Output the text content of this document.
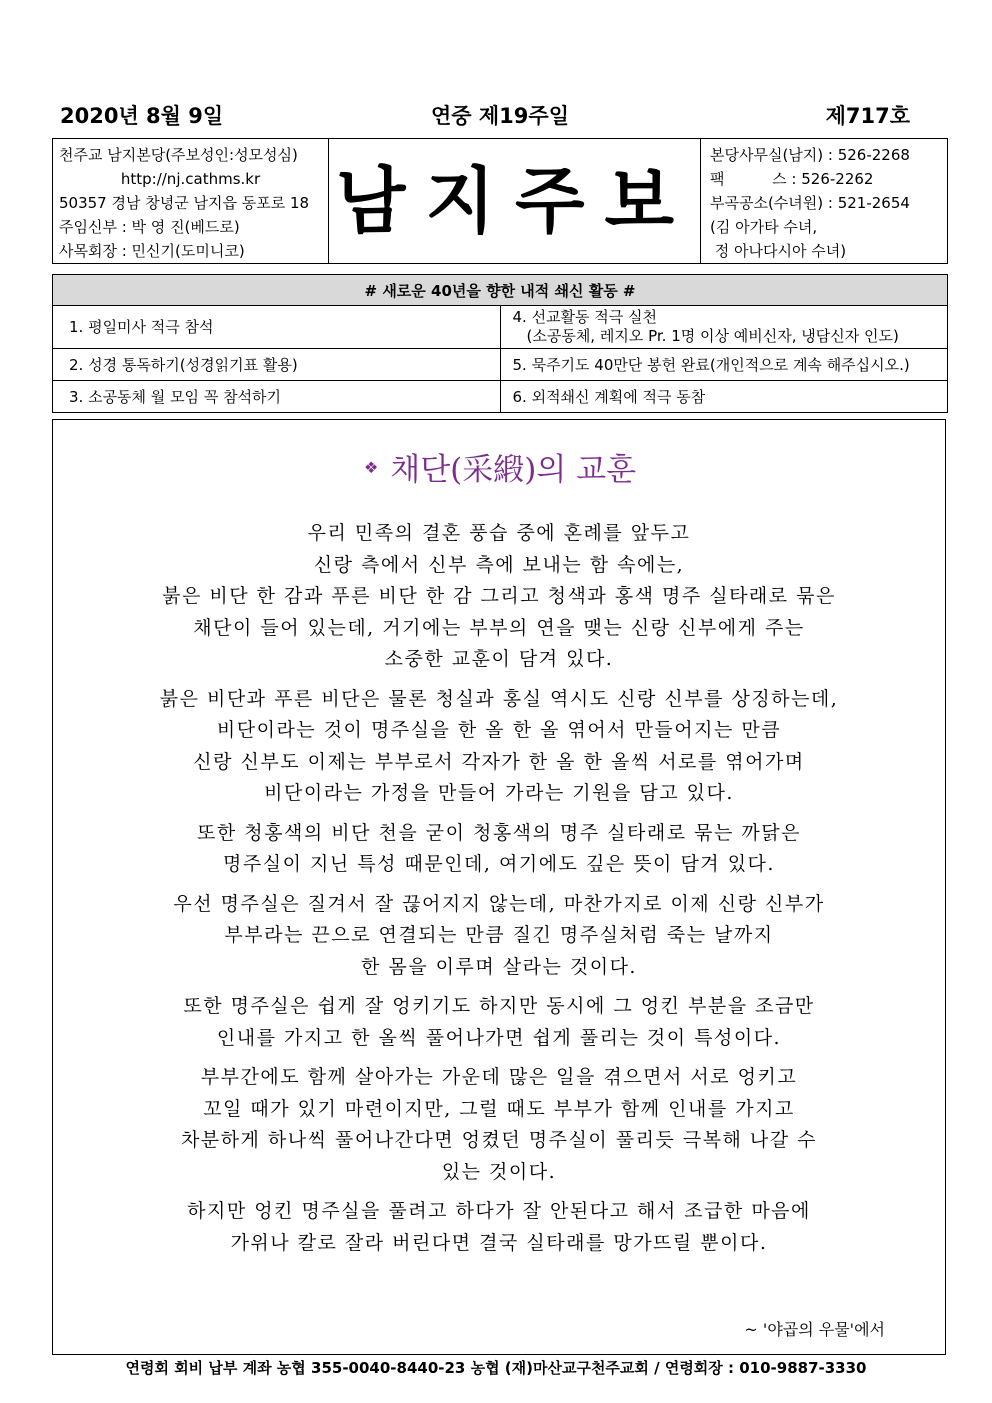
2020년 8월 9일	연중 제19주일	제717호
천주교 남지본당(주보성인:성모성심)
http://nj.cathms.kr
50357 경남 창녕군 남지읍 동포로 18
주임신부 : 박 영 진(베드로)
사목회장 : 민신기(도미니코)
남지주보
본당사무실(남지) : 526-2268
팩          스 : 526-2262
부곡공소(수녀원) : 521-2654
(김 아가타 수녀,
정 아나다시아 수녀)
# 새로운 40년을 향한 내적 쇄신 활동 #	
1. 평일미사 적극 참석	4. 선교활동 적극 실천
(소공동체, 레지오 Pr. 1명 이상 예비신자, 냉담신자 인도)

2. 성경 통독하기(성경읽기표 활용)	5. 묵주기도 40만단 봉헌 완료(개인적으로 계속 해주십시오.)
3. 소공동체 월 모임 꼭 참석하기	6. 외적쇄신 계획에 적극 동참
❖ 채단(采緞)의 교훈
우리 민족의 결혼 풍습 중에 혼례를 앞두고
신랑 측에서 신부 측에 보내는 함 속에는,
붉은 비단 한 감과 푸른 비단 한 감 그리고 청색과 홍색 명주 실타래로 묶은
채단이 들어 있는데, 거기에는 부부의 연을 맺는 신랑 신부에게 주는
소중한 교훈이 담겨 있다.
붉은 비단과 푸른 비단은 물론 청실과 홍실 역시도 신랑 신부를 상징하는데,
비단이라는 것이 명주실을 한 올 한 올 엮어서 만들어지는 만큼
신랑 신부도 이제는 부부로서 각자가 한 올 한 올씩 서로를 엮어가며
비단이라는 가정을 만들어 가라는 기원을 담고 있다.
또한 청홍색의 비단 천을 굳이 청홍색의 명주 실타래로 묶는 까닭은
명주실이 지닌 특성 때문인데, 여기에도 깊은 뜻이 담겨 있다.
우선 명주실은 질겨서 잘 끊어지지 않는데, 마찬가지로 이제 신랑 신부가
부부라는 끈으로 연결되는 만큼 질긴 명주실처럼 죽는 날까지
한 몸을 이루며 살라는 것이다.
또한 명주실은 쉽게 잘 엉키기도 하지만 동시에 그 엉킨 부분을 조금만
인내를 가지고 한 올씩 풀어나가면 쉽게 풀리는 것이 특성이다.
부부간에도 함께 살아가는 가운데 많은 일을 겪으면서 서로 엉키고
꼬일 때가 있기 마련이지만, 그럴 때도 부부가 함께 인내를 가지고
차분하게 하나씩 풀어나간다면 엉켰던 명주실이 풀리듯 극복해 나갈 수
있는 것이다.
하지만 엉킨 명주실을 풀려고 하다가 잘 안된다고 해서 조급한 마음에
가위나 칼로 잘라 버린다면 결국 실타래를 망가뜨릴 뿐이다.
~ '야곱의 우물'에서
연령회 회비 납부 계좌 농협 355-0040-8440-23 농협 (재)마산교구천주교회 / 연령회장 : 010-9887-3330
